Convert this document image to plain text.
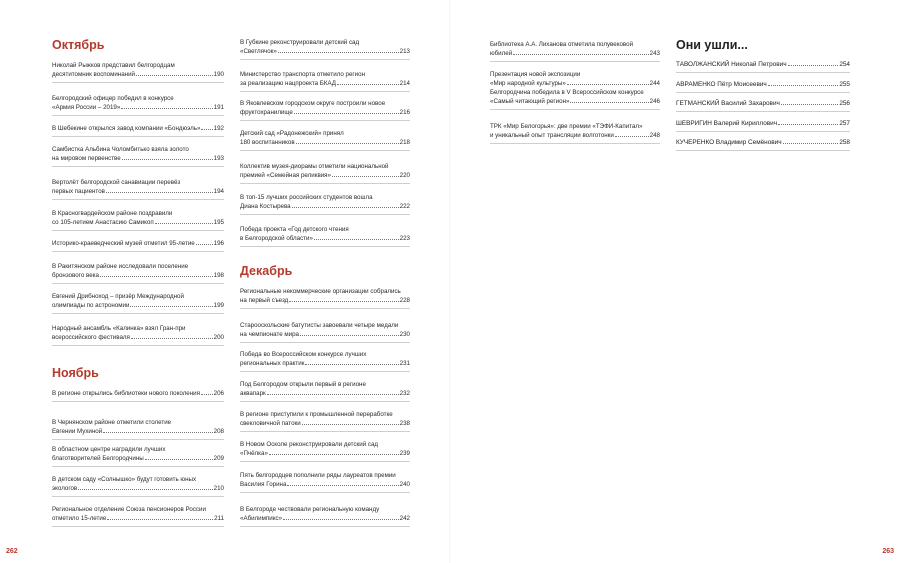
Октябрь
Николай Рыжков представил белгородцам
десятитомник воспоминаний	190
Белгородский офицер победил в конкурсе
«Армия России – 2019»	191
В Шебекине открылся завод компании «Бондюэль» 192
Самбистка Альбина Чоломбитько взяла золото
на мировом первенстве	193
Вертолёт белгородской санавиации перевёз
первых пациентов	194
В Красногвардейском районе поздравили
со 105-летием Анастасию Самикоп	195
Историко-краеведческий музей отметил 95-летие	196
В Ракитянском районе исследовали поселение
бронзового века	198
Евгений Дрибноход – призёр Международной
олимпиады по астрономии	199
Народный ансамбль «Калинка» взял Гран-при
всероссийского фестиваля	200
Ноябрь
В регионе открылись библиотеки нового поколения 206
В Чернянском районе отметили столетие
Евгении Мухиной	208
В областном центре наградили лучших
благотворителей Белгородчины	209
В детском саду «Солнышко» будут готовить юных
экологов	210
Региональное отделение Союза пенсионеров России
отметило 15-летие	211
В Губкине реконструировали детский сад
«Светлячок»	213
Министерство транспорта отметило регион
за реализацию нацпроекта БКАД	214
В Яковлевском городском округе построили новое
фруктохранилище	216
Детский сад «Радонежский» принял
180 воспитанников	218
Коллектив музея-диорамы отметили национальной
премией «Семейная реликвия»	220
В топ-15 лучших российских студентов вошла
Диана Костырева	222
Победа проекта «Год детского чтения
в Белгородской области»	223
Декабрь
Региональные некоммерческие организации собрались
на первый съезд	228
Старооскольские батутисты завоевали четыре медали
на чемпионате мира	230
Победа во Всероссийском конкурсе лучших
региональных практик	231
Под Белгородом открыли первый в регионе
аквапарк	232
В регионе приступили к промышленной переработке
свекловичной патоки	238
В Новом Осколе реконструировали детский сад
«Пчёлка»	239
Пять белгородцев пополнили ряды лауреатов премии
Василия Горина	240
В Белгороде чествовали региональную команду
«Абилимпикс»	242
Библиотека А.А. Лиханова отметила полувековой
юбилей	243
Презентация новой экспозиции
«Мир народной культуры»	244
Белгородчина победила в V Всероссийском конкурсе
«Самый читающий регион»	246
ТРК «Мир Белогорья»: две премии «ТЭФИ-Капитал»
и уникальный опыт трансляции волготонки	248
Они ушли...
ТАВОЛЖАНСКИЙ Николай Петрович	254
АВРАМЕНКО Пётр Моисеевич	255
ГЕТМАНСКИЙ Василий Захарович	256
ШЕВРИГИН Валерий Кириллович	257
КУЧЕРЕНКО Владимир Семёнович	258
262	263
